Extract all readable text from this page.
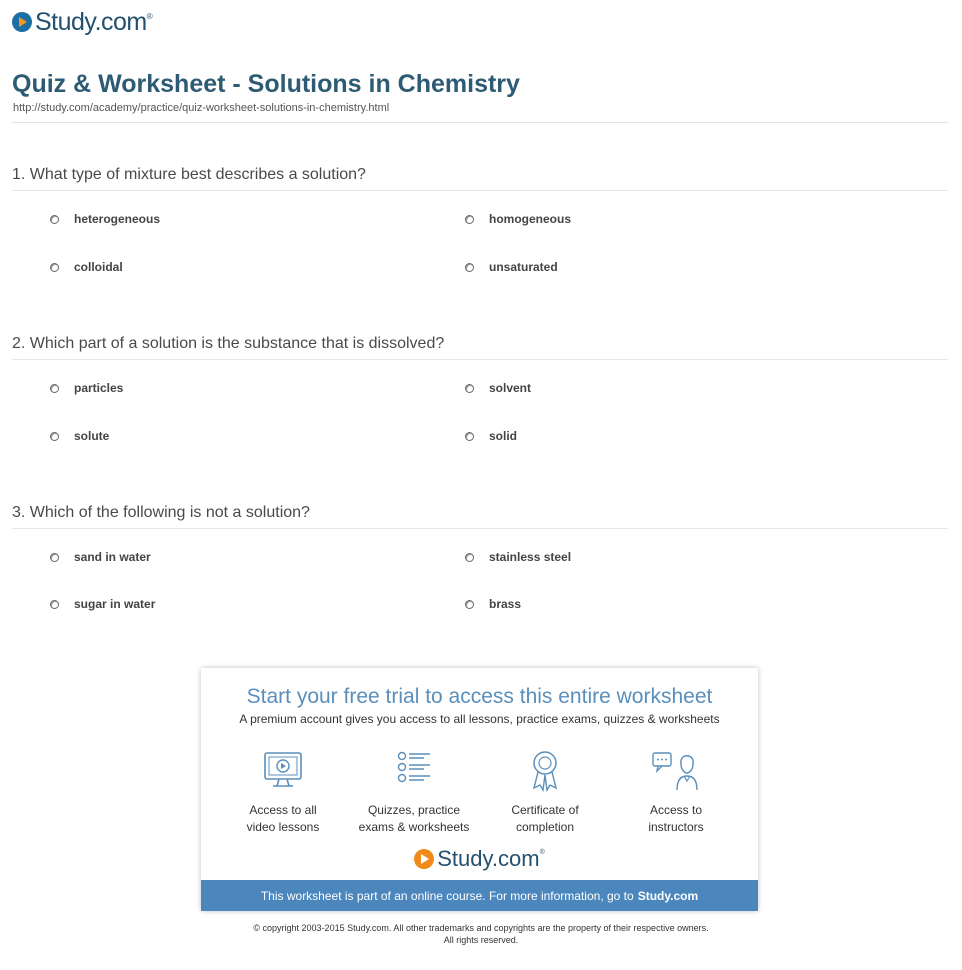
Study.com ®
Quiz & Worksheet - Solutions in Chemistry
http://study.com/academy/practice/quiz-worksheet-solutions-in-chemistry.html

1. What type of mixture best describes a solution?

heterogeneous	homogeneous
colloidal	unsaturated

2. Which part of a solution is the substance that is dissolved?

particles	solvent
solute	solid

3. Which of the following is not a solution?

sand in water	stainless steel
sugar in water	brass
Start your free trial to access this entire worksheet
A premium account gives you access to all lessons, practice exams, quizzes & worksheets
Access to all
video lessons
Quizzes, practice
exams & worksheets
Certificate of
completion
Access to
instructors
Study.com ®
This worksheet is part of an online course. For more information, go to Study.com
© copyright 2003-2015 Study.com. All other trademarks and copyrights are the property of their respective owners.
All rights reserved.
